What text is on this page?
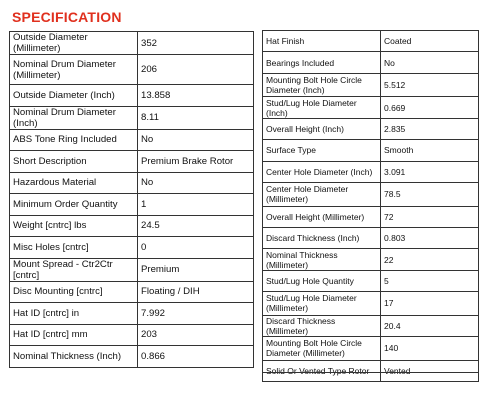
SPECIFICATION
Outside Diameter (Millimeter)	352
Nominal Drum Diameter (Millimeter)	206
Outside Diameter (Inch)	13.858
Nominal Drum Diameter (Inch)	8.11
ABS Tone Ring Included	No
Short Description	Premium Brake Rotor
Hazardous Material	No
Minimum Order Quantity	1
Weight [cntrc] lbs	24.5
Misc Holes [cntrc]	0
Mount Spread - Ctr2Ctr [cntrc]	Premium
Disc Mounting [cntrc]	Floating / DIH
Hat ID [cntrc] in	7.992
Hat ID [cntrc] mm	203
Nominal Thickness (Inch)	0.866
Hat Finish	Coated
Bearings Included	No
Mounting Bolt Hole Circle Diameter (Inch)	5.512
Stud/Lug Hole Diameter (Inch)	0.669
Overall Height (Inch)	2.835
Surface Type	Smooth
Center Hole Diameter (Inch)	3.091
Center Hole Diameter (Millimeter)	78.5
Overall Height (Millimeter)	72
Discard Thickness (Inch)	0.803
Nominal Thickness (Millimeter)	22
Stud/Lug Hole Quantity	5
Stud/Lug Hole Diameter (Millimeter)	17
Discard Thickness (Millimeter)	20.4
Mounting Bolt Hole Circle Diameter (Millimeter)	140
Solid Or Vented Type Rotor	Vented
